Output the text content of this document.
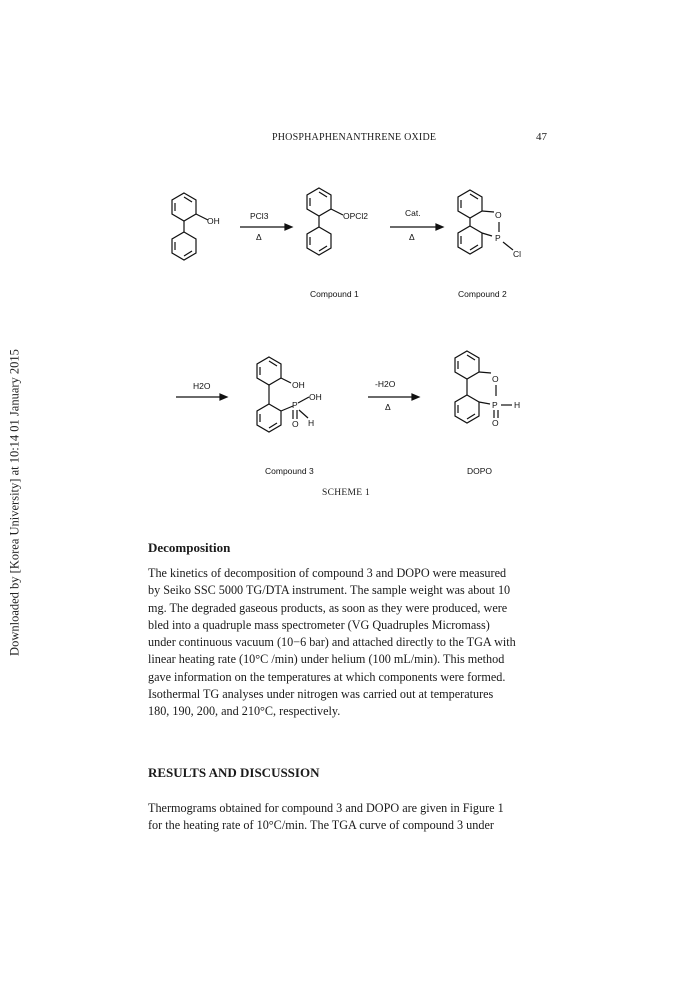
Downloaded by [Korea University] at 10:14 01 January 2015
PHOSPHAPHENANTHRENE OXIDE	47
OH	PCl3
Δ
OPCl2	Cat.
Δ
O
P
Cl
Compound 1	Compound 2
H2O	OH
OH
P
O H
-H2O
Δ
O
P H
O
Compound 3	DOPO
SCHEME 1
Decomposition

The kinetics of decomposition of compound 3 and DOPO were measured

by Seiko SSC 5000 TG/DTA instrument. The sample weight was about 10

mg. The degraded gaseous products, as soon as they were produced, were

bled into a quadruple mass spectrometer (VG Quadruples Micromass)

under continuous vacuum (10−6 bar) and attached directly to the TGA with

linear heating rate (10°C /min) under helium (100 mL/min). This method

gave information on the temperatures at which components were formed.

Isothermal TG analyses under nitrogen was carried out at temperatures

180, 190, 200, and 210°C, respectively.

RESULTS AND DISCUSSION

Thermograms obtained for compound 3 and DOPO are given in Figure 1

for the heating rate of 10°C/min. The TGA curve of compound 3 under
